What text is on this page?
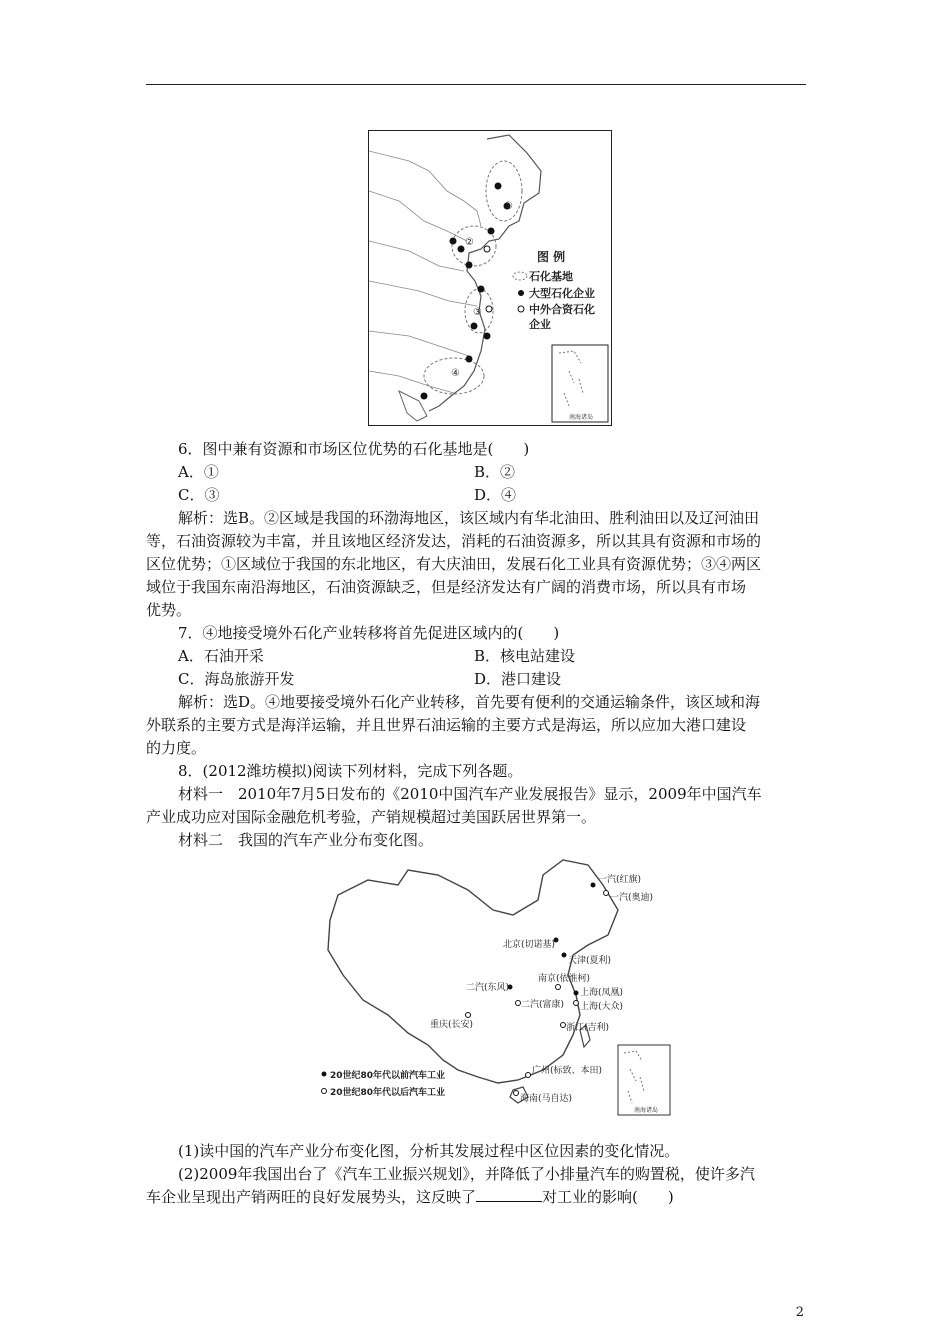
①
②
③
④
图 例
石化基地
大型石化企业
中外合资石化
企业
南海诸岛
6．图中兼有资源和市场区位优势的石化基地是(　　)
A．①	B．②
C．③	D．④
解析：选B。②区域是我国的环渤海地区，该区域内有华北油田、胜利油田以及辽河油田
等，石油资源较为丰富，并且该地区经济发达，消耗的石油资源多，所以其具有资源和市场的
区位优势；①区域位于我国的东北地区，有大庆油田，发展石化工业具有资源优势；③④两区
域位于我国东南沿海地区，石油资源缺乏，但是经济发达有广阔的消费市场，所以具有市场
优势。
7．④地接受境外石化产业转移将首先促进区域内的(　　)
A．石油开采	B．核电站建设
C．海岛旅游开发	D．港口建设
解析：选D。④地要接受境外石化产业转移，首先要有便利的交通运输条件，该区域和海
外联系的主要方式是海洋运输，并且世界石油运输的主要方式是海运，所以应加大港口建设
的力度。
8．(2012潍坊模拟)阅读下列材料，完成下列各题。
材料一　2010年7月5日发布的《2010中国汽车产业发展报告》显示，2009年中国汽车
产业成功应对国际金融危机考验，产销规模超过美国跃居世界第一。
材料二　我国的汽车产业分布变化图。
一汽(红旗)
一汽(奥迪)
北京(切诺基)
天津(夏利)
二汽(东风)
南京(依维柯)
上海(凤凰)
上海(大众)
二汽(富康)
重庆(长安)	浙江(吉利)
广州(标致、本田)
海南(马自达)
20世纪80年代以前汽车工业
20世纪80年代以后汽车工业
南海诸岛
(1)读中国的汽车产业分布变化图，分析其发展过程中区位因素的变化情况。
(2)2009年我国出台了《汽车工业振兴规划》，并降低了小排量汽车的购置税，使许多汽
车企业呈现出产销两旺的良好发展势头，这反映了	对工业的影响(　　)
2
